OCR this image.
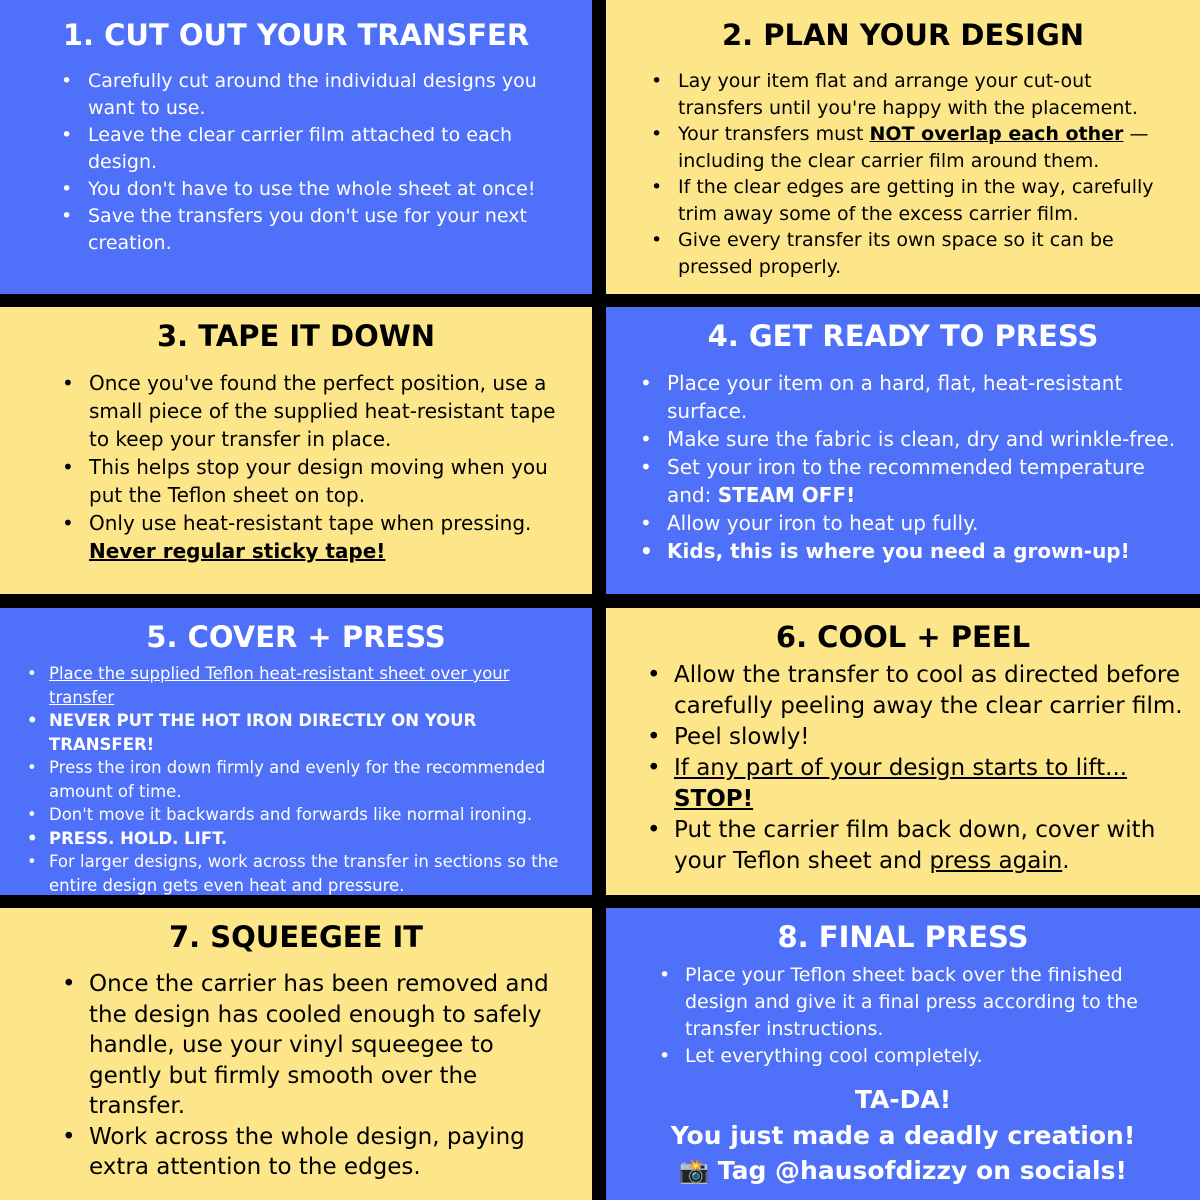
1. CUT OUT YOUR TRANSFER
• Carefully cut around the individual designs you want to use.
• Leave the clear carrier film attached to each design.
• You don't have to use the whole sheet at once!
• Save the transfers you don't use for your next creation.
2. PLAN YOUR DESIGN
• Lay your item flat and arrange your cut-out transfers until you're happy with the placement.
• Your transfers must NOT overlap each other — including the clear carrier film around them.
• If the clear edges are getting in the way, carefully trim away some of the excess carrier film.
• Give every transfer its own space so it can be pressed properly.
3. TAPE IT DOWN
• Once you've found the perfect position, use a small piece of the supplied heat-resistant tape to keep your transfer in place.
• This helps stop your design moving when you put the Teflon sheet on top.
• Only use heat-resistant tape when pressing.
Never regular sticky tape!
4. GET READY TO PRESS
• Place your item on a hard, flat, heat-resistant surface.
• Make sure the fabric is clean, dry and wrinkle-free.
• Set your iron to the recommended temperature and: STEAM OFF!
• Allow your iron to heat up fully.
• Kids, this is where you need a grown-up!
5. COVER + PRESS
• Place the supplied Teflon heat-resistant sheet over your transfer
• NEVER PUT THE HOT IRON DIRECTLY ON YOUR TRANSFER!
• Press the iron down firmly and evenly for the recommended amount of time.
• Don't move it backwards and forwards like normal ironing.
• PRESS. HOLD. LIFT.
• For larger designs, work across the transfer in sections so the entire design gets even heat and pressure.
6. COOL + PEEL
• Allow the transfer to cool as directed before carefully peeling away the clear carrier film.
• Peel slowly!
• If any part of your design starts to lift...
STOP!
• Put the carrier film back down, cover with your Teflon sheet and press again.
7. SQUEEGEE IT
• Once the carrier has been removed and the design has cooled enough to safely handle, use your vinyl squeegee to gently but firmly smooth over the transfer.
• Work across the whole design, paying extra attention to the edges.
8. FINAL PRESS
• Place your Teflon sheet back over the finished design and give it a final press according to the transfer instructions.
• Let everything cool completely.
TA-DA!
You just made a deadly creation!
📸 Tag @hausofdizzy on socials!
